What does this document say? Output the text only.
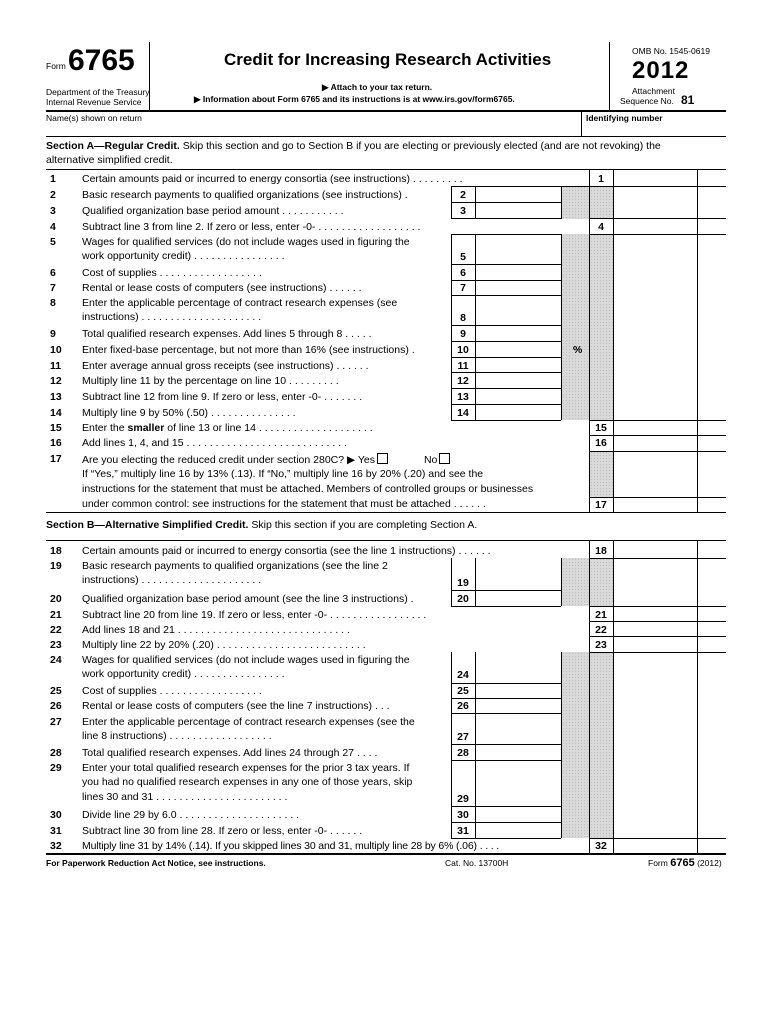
Form 6765
Department of the Treasury
Internal Revenue Service
Credit for Increasing Research Activities
▶ Attach to your tax return.
▶ Information about Form 6765 and its instructions is at www.irs.gov/form6765.
OMB No. 1545-0619
2012
Attachment
Sequence No. 81
Name(s) shown on return	Identifying number
Section A—Regular Credit. Skip this section and go to Section B if you are electing or previously elected (and are not revoking) the
alternative simplified credit.
1	Certain amounts paid or incurred to energy consortia (see instructions) . . . . . . . . .	1
2	Basic research payments to qualified organizations (see instructions) .	2
3	Qualified organization base period amount . . . . . . . . . . .	3
4	Subtract line 3 from line 2. If zero or less, enter -0- . . . . . . . . . . . . . . . . . .	4
5	Wages for qualified services (do not include wages used in figuring the
work opportunity credit) . . . . . . . . . . . . . . . .	5
6	Cost of supplies . . . . . . . . . . . . . . . . . .	6
7	Rental or lease costs of computers (see instructions) . . . . . .	7
8	Enter the applicable percentage of contract research expenses (see
instructions) . . . . . . . . . . . . . . . . . . . . .	8
9	Total qualified research expenses. Add lines 5 through 8 . . . . .	9
10	Enter fixed-base percentage, but not more than 16% (see instructions) .	10	%
11	Enter average annual gross receipts (see instructions) . . . . . .	11
12	Multiply line 11 by the percentage on line 10 . . . . . . . . .	12
13	Subtract line 12 from line 9. If zero or less, enter -0- . . . . . . .	13
14	Multiply line 9 by 50% (.50) . . . . . . . . . . . . . . .	14
15	Enter the smaller of line 13 or line 14 . . . . . . . . . . . . . . . . . . . .	15
16	Add lines 1, 4, and 15 . . . . . . . . . . . . . . . . . . . . . . . . . . . .	16
17	Are you electing the reduced credit under section 280C? ▶ Yes	No
If “Yes,” multiply line 16 by 13% (.13). If “No,” multiply line 16 by 20% (.20) and see the
instructions for the statement that must be attached. Members of controlled groups or businesses
under common control: see instructions for the statement that must be attached . . . . . .	17
Section B—Alternative Simplified Credit. Skip this section if you are completing Section A.
18	Certain amounts paid or incurred to energy consortia (see the line 1 instructions) . . . . . .	18
19	Basic research payments to qualified organizations (see the line 2
instructions) . . . . . . . . . . . . . . . . . . . . .	19
20	Qualified organization base period amount (see the line 3 instructions) .	20
21	Subtract line 20 from line 19. If zero or less, enter -0- . . . . . . . . . . . . . . . . .	21
22	Add lines 18 and 21 . . . . . . . . . . . . . . . . . . . . . . . . . . . . . .	22
23	Multiply line 22 by 20% (.20) . . . . . . . . . . . . . . . . . . . . . . . . . .	23
24	Wages for qualified services (do not include wages used in figuring the
work opportunity credit) . . . . . . . . . . . . . . . .	24
25	Cost of supplies . . . . . . . . . . . . . . . . . .	25
26	Rental or lease costs of computers (see the line 7 instructions) . . .	26
27	Enter the applicable percentage of contract research expenses (see the
line 8 instructions) . . . . . . . . . . . . . . . . . .	27
28	Total qualified research expenses. Add lines 24 through 27 . . . .	28
29	Enter your total qualified research expenses for the prior 3 tax years. If
you had no qualified research expenses in any one of those years, skip
lines 30 and 31 . . . . . . . . . . . . . . . . . . . . . . .	29
30	Divide line 29 by 6.0 . . . . . . . . . . . . . . . . . . . . .	30
31	Subtract line 30 from line 28. If zero or less, enter -0- . . . . . .	31
32	Multiply line 31 by 14% (.14). If you skipped lines 30 and 31, multiply line 28 by 6% (.06) . . . .	32
For Paperwork Reduction Act Notice, see instructions.	Cat. No. 13700H	Form 6765 (2012)
